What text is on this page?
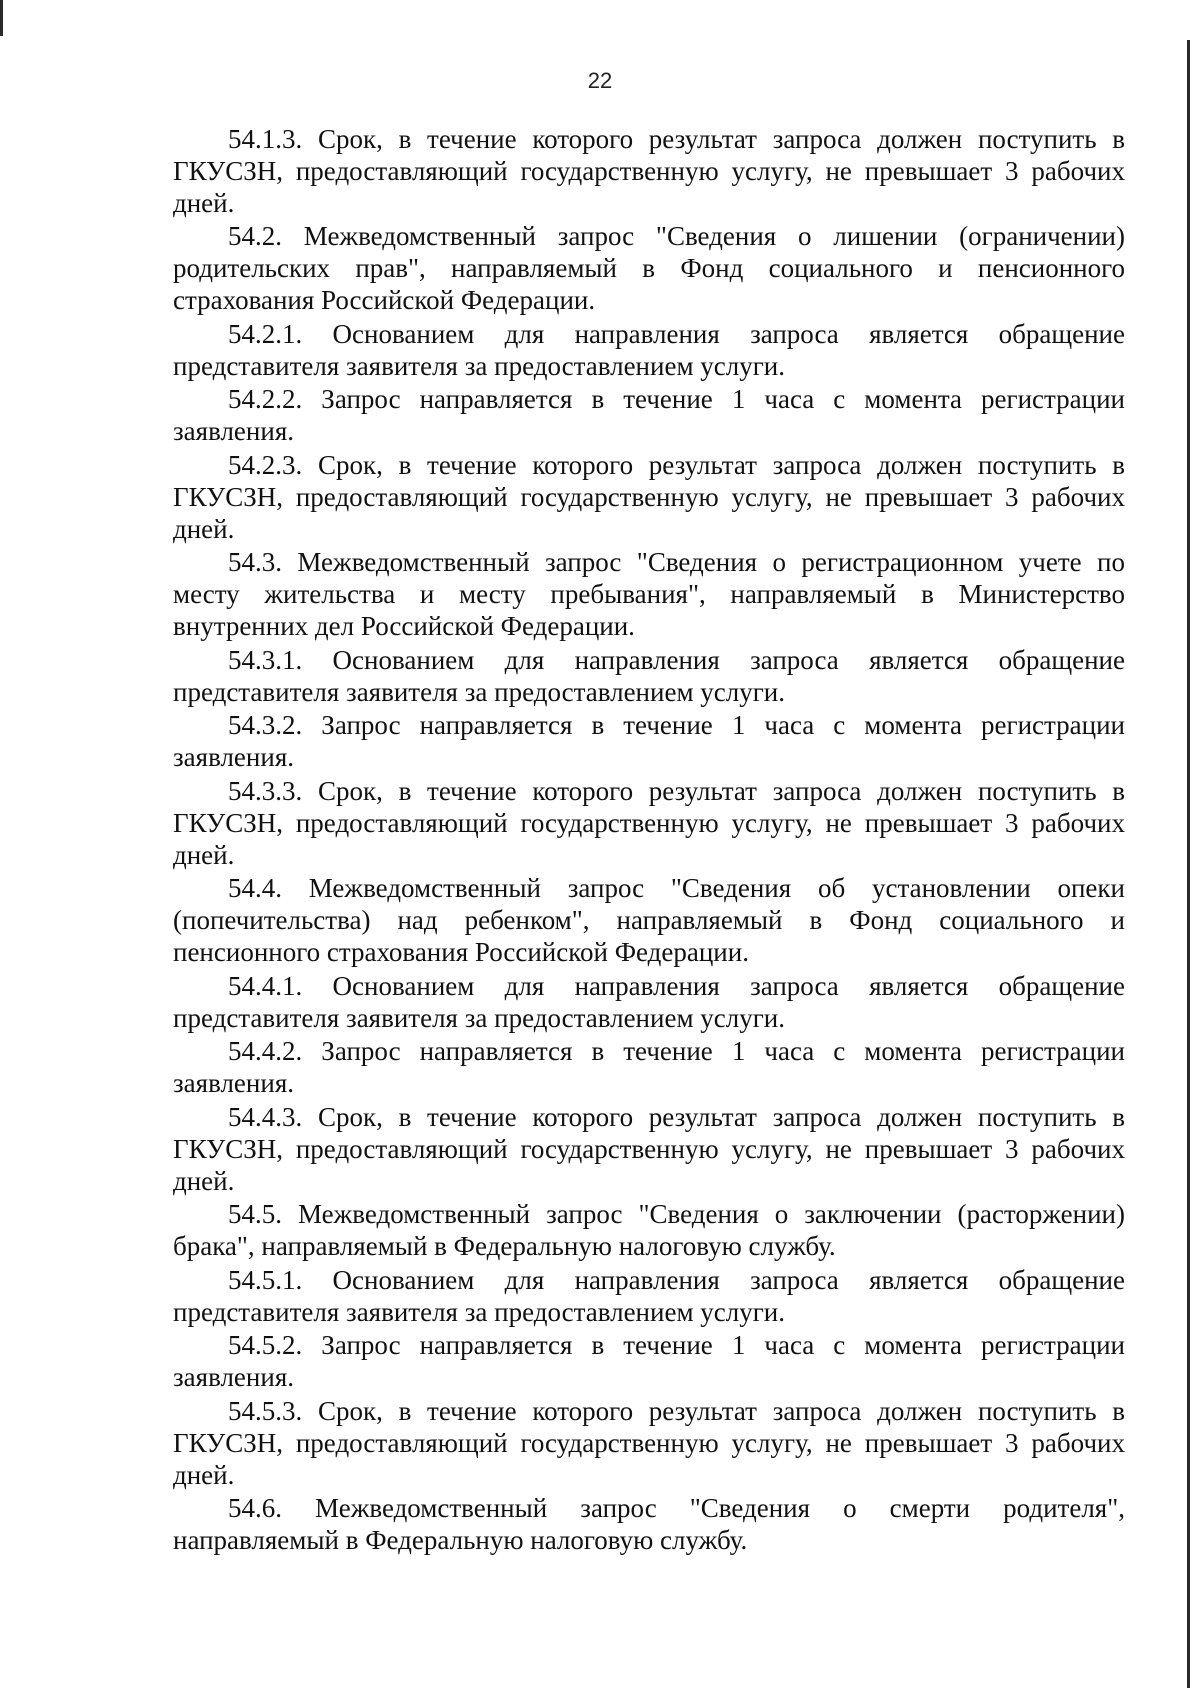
22

54.1.3. Срок, в течение которого результат запроса должен поступить в ГКУСЗН, предоставляющий государственную услугу, не превышает 3 рабочих дней.

54.2. Межведомственный запрос "Сведения о лишении (ограничении) родительских прав", направляемый в Фонд социального и пенсионного страхования Российской Федерации.

54.2.1. Основанием для направления запроса является обращение представителя заявителя за предоставлением услуги.

54.2.2. Запрос направляется в течение 1 часа с момента регистрации заявления.

54.2.3. Срок, в течение которого результат запроса должен поступить в ГКУСЗН, предоставляющий государственную услугу, не превышает 3 рабочих дней.

54.3. Межведомственный запрос "Сведения о регистрационном учете по месту жительства и месту пребывания", направляемый в Министерство внутренних дел Российской Федерации.

54.3.1. Основанием для направления запроса является обращение представителя заявителя за предоставлением услуги.

54.3.2. Запрос направляется в течение 1 часа с момента регистрации заявления.

54.3.3. Срок, в течение которого результат запроса должен поступить в ГКУСЗН, предоставляющий государственную услугу, не превышает 3 рабочих дней.

54.4. Межведомственный запрос "Сведения об установлении опеки (попечительства) над ребенком", направляемый в Фонд социального и пенсионного страхования Российской Федерации.

54.4.1. Основанием для направления запроса является обращение представителя заявителя за предоставлением услуги.

54.4.2. Запрос направляется в течение 1 часа с момента регистрации заявления.

54.4.3. Срок, в течение которого результат запроса должен поступить в ГКУСЗН, предоставляющий государственную услугу, не превышает 3 рабочих дней.

54.5. Межведомственный запрос "Сведения о заключении (расторжении) брака", направляемый в Федеральную налоговую службу.

54.5.1. Основанием для направления запроса является обращение представителя заявителя за предоставлением услуги.

54.5.2. Запрос направляется в течение 1 часа с момента регистрации заявления.

54.5.3. Срок, в течение которого результат запроса должен поступить в ГКУСЗН, предоставляющий государственную услугу, не превышает 3 рабочих дней.

54.6. Межведомственный запрос "Сведения о смерти родителя", направляемый в Федеральную налоговую службу.
